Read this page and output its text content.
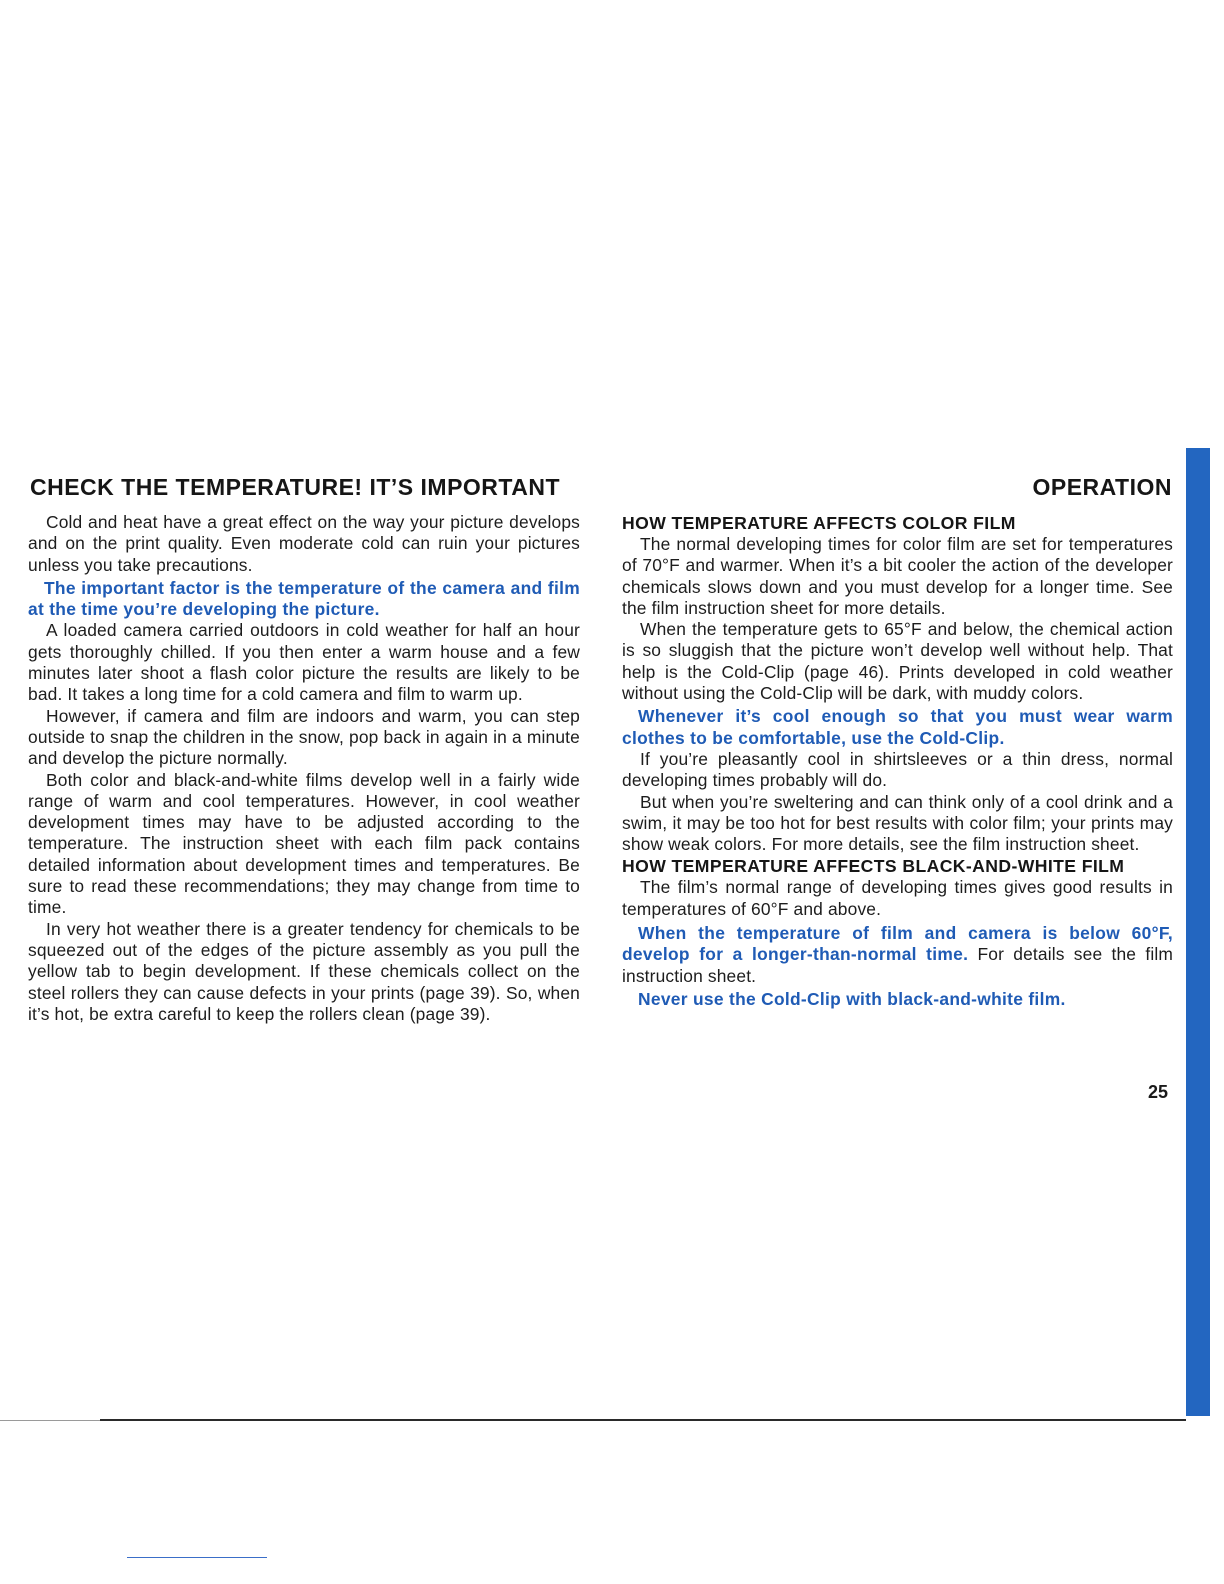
CHECK THE TEMPERATURE! IT’S IMPORTANT	OPERATION

Cold and heat have a great effect on the way your picture develops and on the print quality. Even moderate cold can ruin your pictures unless you take precautions.

The important factor is the temperature of the camera and film at the time you’re developing the picture.

A loaded camera carried outdoors in cold weather for half an hour gets thoroughly chilled. If you then enter a warm house and a few minutes later shoot a flash color picture the results are likely to be bad. It takes a long time for a cold camera and film to warm up.

However, if camera and film are indoors and warm, you can step outside to snap the children in the snow, pop back in again in a minute and develop the picture normally.

Both color and black-and-white films develop well in a fairly wide range of warm and cool temperatures. However, in cool weather development times may have to be adjusted according to the temperature. The instruction sheet with each film pack contains detailed information about development times and temperatures. Be sure to read these recommendations; they may change from time to time.

In very hot weather there is a greater tendency for chemicals to be squeezed out of the edges of the picture assembly as you pull the yellow tab to begin development. If these chemicals collect on the steel rollers they can cause defects in your prints (page 39). So, when it’s hot, be extra careful to keep the rollers clean (page 39).

HOW TEMPERATURE AFFECTS COLOR FILM

The normal developing times for color film are set for temperatures of 70°F and warmer. When it’s a bit cooler the action of the developer chemicals slows down and you must develop for a longer time. See the film instruction sheet for more details.

When the temperature gets to 65°F and below, the chemical action is so sluggish that the picture won’t develop well without help. That help is the Cold-Clip (page 46). Prints developed in cold weather without using the Cold-Clip will be dark, with muddy colors.

Whenever it’s cool enough so that you must wear warm clothes to be comfortable, use the Cold-Clip.

If you’re pleasantly cool in shirtsleeves or a thin dress, normal developing times probably will do.

But when you’re sweltering and can think only of a cool drink and a swim, it may be too hot for best results with color film; your prints may show weak colors. For more details, see the film instruction sheet.

HOW TEMPERATURE AFFECTS BLACK-AND-WHITE FILM

The film’s normal range of developing times gives good results in temperatures of 60°F and above.

When the temperature of film and camera is below 60°F, develop for a longer-than-normal time. For details see the film instruction sheet.

Never use the Cold-Clip with black-and-white film.

25
